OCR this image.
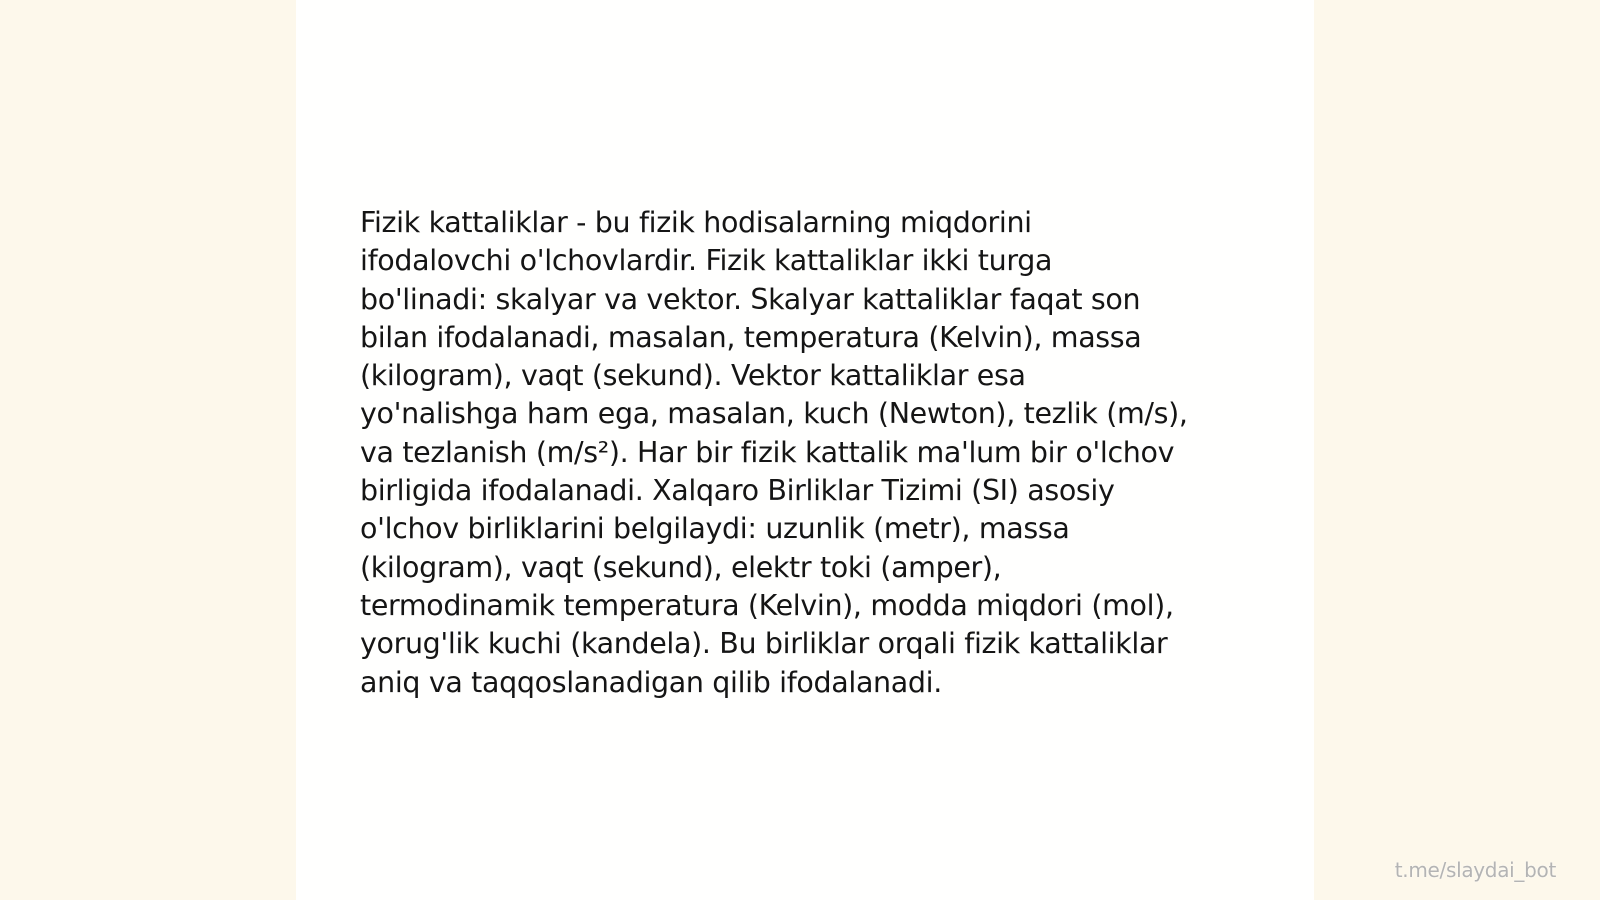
Fizik kattaliklar - bu fizik hodisalarning miqdorini
ifodalovchi o'lchovlardir. Fizik kattaliklar ikki turga
bo'linadi: skalyar va vektor. Skalyar kattaliklar faqat son
bilan ifodalanadi, masalan, temperatura (Kelvin), massa
(kilogram), vaqt (sekund). Vektor kattaliklar esa
yo'nalishga ham ega, masalan, kuch (Newton), tezlik (m/s),
va tezlanish (m/s²). Har bir fizik kattalik ma'lum bir o'lchov
birligida ifodalanadi. Xalqaro Birliklar Tizimi (SI) asosiy
o'lchov birliklarini belgilaydi: uzunlik (metr), massa
(kilogram), vaqt (sekund), elektr toki (amper),
termodinamik temperatura (Kelvin), modda miqdori (mol),
yorug'lik kuchi (kandela). Bu birliklar orqali fizik kattaliklar
aniq va taqqoslanadigan qilib ifodalanadi.

t.me/slaydai_bot
